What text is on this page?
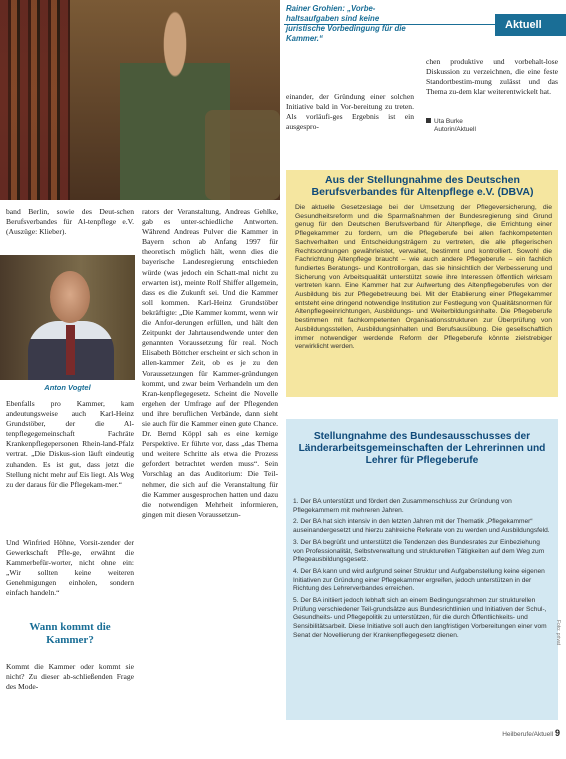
Aktuell
Rainer Grohien: „Vorbe-haltsaufgaben sind keine juristische Vorbedingung für die Kammer.“
einander, der Gründung einer solchen Initiative bald in Vor-bereitung zu treten. Als vorläufi-ges Ergebnis ist ein ausgespro-
chen produktive und vorbehalt-lose Diskussion zu verzeichnen, die eine feste Standortbestim-mung zulässt und das Thema zu-dem klar weiterentwickelt hat.
Uta Burke
Autorin/Aktuell
band Berlin, sowie des Deut-schen Berufsverbandes für Al-tenpflege e.V. (Auszüge: Klieber).
Anton Vogtel
Ebenfalls pro Kammer, kam andeutungsweise auch Karl-Heinz Grundstöber, der die Al-tenpflegegemeinschaft Fachräte Krankenpflegepersonen Rhein-land-Pfalz vertrat. „Die Diskus-sion läuft eindeutig zuhanden. Es ist gut, dass jetzt die Stellung nicht mehr auf Eis liegt. Als Weg zu der daraus für die Pflegekam-mer.“
Und Winfried Höhne, Vorsit-zender der Gewerkschaft Pfle-ge, erwähnt die Kammerbefür-worter, nicht ohne ein: „Wir sollten keine weiteren Genehmigungen einholen, sondern einfach handeln.“
Wann kommt die Kammer?
Kommt die Kammer oder kommt sie nicht? Zu dieser ab-schließenden Frage des Mode-
rators der Veranstaltung, Andreas Gehlke, gab es unter-schiedliche Antworten. Während Andreas Pulver die Kammer in Bayern schon ab Anfang 1997 für theoretisch möglich hält, wenn dies die bayerische Landesregierung entschieden würde (was jedoch ein Schatt-mal nicht zu erwarten ist), meinte Rolf Shiffer allgemein, dass es die Zukunft sei. Und die Kammer soll kommen. Karl-Heinz Grundstöber bekräftigte: „Die Kammer kommt, wenn wir die Anfor-derungen erfüllen, und hält den Zeitpunkt der Jahrtausendwende unter den genannten Voraussetzung für real. Noch Elisabeth Böttcher erscheint er sich schon in allen-kammer Zeit, ob es je zu den Voraussetzungen für Kammer-gründungen kommt, und zwar beim Verhandeln um den Kran-kenpflegegesetz. Scheint die Novelle ergehen der Umfrage auf der Pflegenden und ihre beruflichen Verbände, dann sieht sie auch für die Kammer einen gute Chance. Dr. Bernd Köppl sah es eine kernige Perspektive. Er führte vor, dass „das Thema und weitere Schritte als etwa die Prozess gefordert betrachtet werden muss“. Sein Vorschlag an das Auditorium: Die Teil-nehmer, die sich auf die Veranstaltung für die Kammer ausgesprochen hatten und dazu die notwendigen Mehrheit informieren, gingen mit diesen Voraussetzun-
Aus der Stellungnahme des Deutschen Berufsverbandes für Altenpflege e.V. (DBVA)
Die aktuelle Gesetzeslage bei der Umsetzung der Pflegeversicherung, die Gesundheitsreform und die Sparmaßnahmen der Bundesregierung sind Grund genug für den Deutschen Berufsverband für Altenpflege, die Errichtung einer Pflegekammer zu fordern, um die Pflegeberufe bei allen fachkompetenten Sachverhalten und Entscheidungsträgern zu vertreten, die alle pflegerischen Rechtsordnungen gewährleistet, verwaltet, bestimmt und kontrolliert. Sowohl die Fachrichtung Altenpflege braucht – wie auch andere Pflegeberufe – ein fachlich fundiertes Beratungs- und Kontrollorgan, das sie hinsichtlich der Verbesserung und Sicherung von Arbeitsqualität unterstützt sowie ihre Interessen öffentlich wirksam vertreten kann. Eine Kammer hat zur Aufwertung des Altenpflegeberufes von der Ausbildung bis zur Pflegebetreuung bei. Mit der Etablierung einer Pflegekammer entsteht eine dringend notwendige Institution zur Festlegung von Qualitätsnormen für Altenpflegeeinrichtungen, Ausbildungs- und Weiterbildungsinhalte. Die Pflegeberufe bestimmen mit fachkompetenten Organisationsstrukturen zur Überprüfung von Ausbildungsstellen, Ausbildungsinhalten und Berufsausübung. Die gesellschaftlich immer notwendiger werdende Reform der Pflegeberufe könnte zielstrebiger verwirklicht werden.
Stellungnahme des Bundesausschusses der Länderarbeitsgemeinschaften der Lehrerinnen und Lehrer für Pflegeberufe
1. Der BA unterstützt und fördert den Zusammenschluss zur Gründung von Pflegekammern mit mehreren Jahren.
2. Der BA hat sich intensiv in den letzten Jahren mit der Thematik „Pflegekammer“ auseinandergesetzt und hierzu zahlreiche Referate von zu werden und Ausbildungsfeld.
3. Der BA begrüßt und unterstützt die Tendenzen des Bundesrates zur Einbeziehung von Professionalität, Selbstverwaltung und strukturellen Tätigkeiten auf dem Weg zum Pflegeausbildungsgesetz.
4. Der BA kann und wird aufgrund seiner Struktur und Aufgabenstellung keine eigenen Initiativen zur Gründung einer Pflegekammer ergreifen, jedoch unterstützen in der Richtung des Lehrerverbandes erreichen.
5. Der BA initiiert jedoch lebhaft sich an einem Bedingungsrahmen zur strukturellen Prüfung verschiedener Teil-grundsätze aus Bundesrichtlinien und Initiativen der Schul-, Gesundheits- und Pflegepolitik zu unterstützen, für die durch Öffentlichkeits- und Sensibilitätsarbeit. Diese Initiative soll auch den langfristigen Vorbereitungen einer vom Senat der Novellierung der Krankenpflegegesetz dienen.	Foto: privat
Heilberufe/Aktuell 9
